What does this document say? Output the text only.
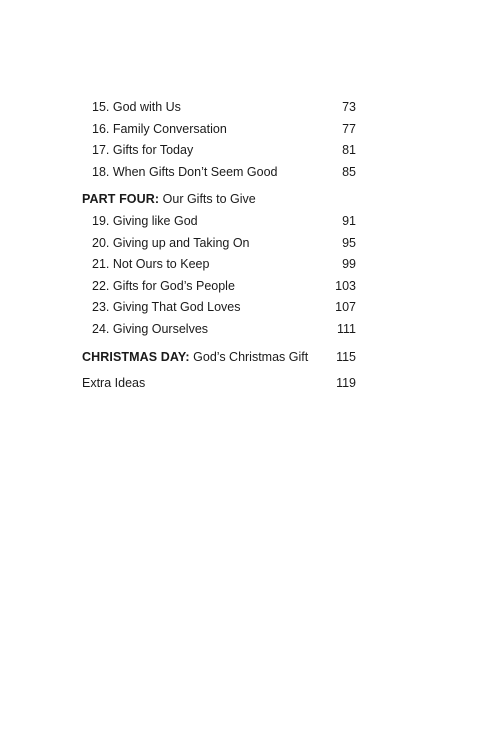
15. God with Us	73
16. Family Conversation	77
17. Gifts for Today	81
18. When Gifts Don’t Seem Good	85
PART FOUR: Our Gifts to Give
19. Giving like God	91
20. Giving up and Taking On	95
21. Not Ours to Keep	99
22. Gifts for God’s People	103
23. Giving That God Loves	107
24. Giving Ourselves	111
CHRISTMAS DAY: God’s Christmas Gift	115
Extra Ideas	119
